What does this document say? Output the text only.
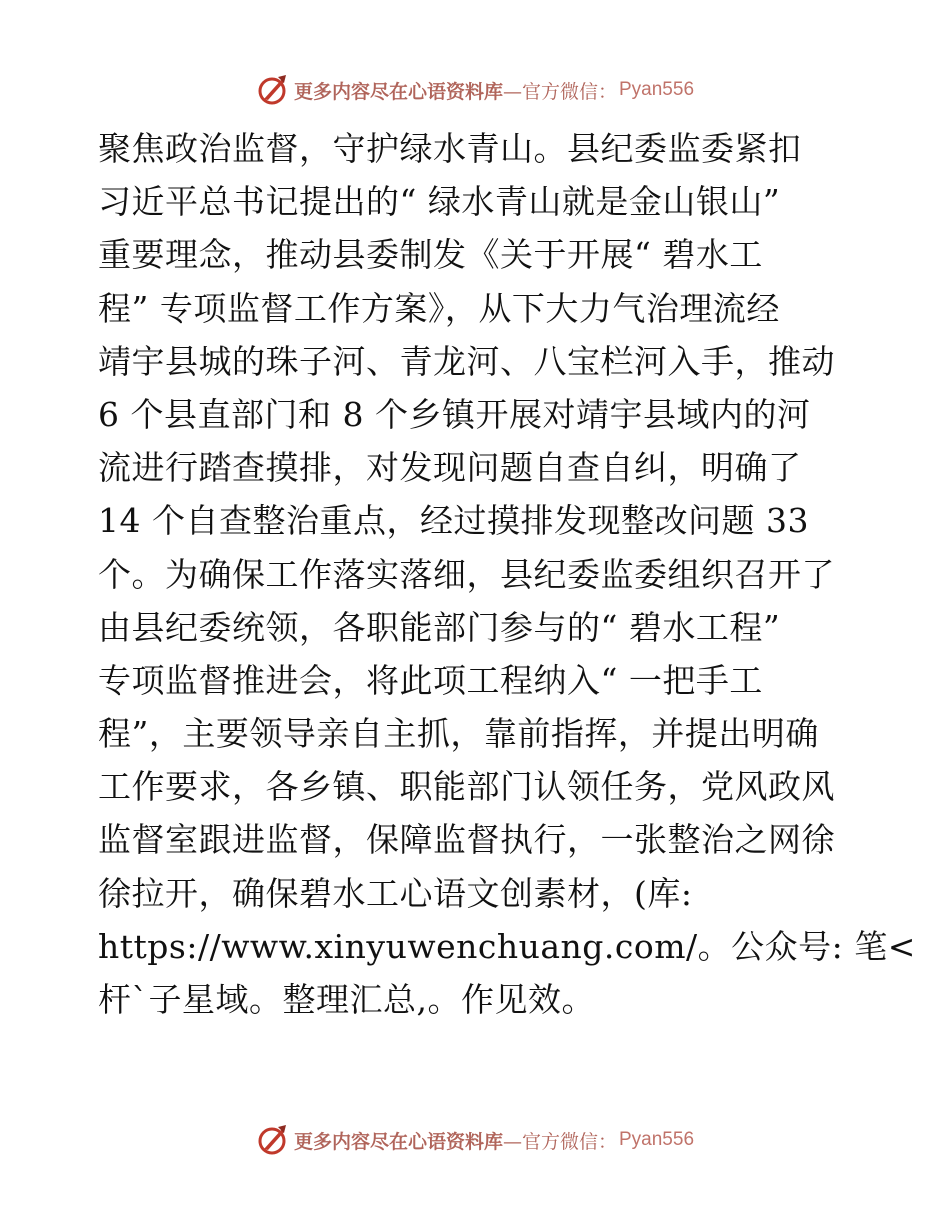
更多内容尽在心语资料库 —官方微信： Pyan556
聚焦政治监督，守护绿水青山。县纪委监委紧扣
习近平总书记提出的“ 绿水青山就是金山银山”
重要理念，推动县委制发《关于开展“ 碧水工
程” 专项监督工作方案》，从下大力气治理流经
靖宇县城的珠子河、青龙河、八宝栏河入手，推动
6 个县直部门和 8 个乡镇开展对靖宇县域内的河
流进行踏查摸排，对发现问题自查自纠，明确了
14 个自查整治重点，经过摸排发现整改问题 33
个。为确保工作落实落细，县纪委监委组织召开了
由县纪委统领，各职能部门参与的“ 碧水工程”
专项监督推进会，将此项工程纳入“ 一把手工
程”，主要领导亲自主抓，靠前指挥，并提出明确
工作要求，各乡镇、职能部门认领任务，党风政风
监督室跟进监督，保障监督执行，一张整治之网徐
徐拉开，确保碧水工心语文创素材，(库:
https://www.xinyuwenchuang.com/。公众号: 笔<
杆`子星域。整理汇总,。作见效。
更多内容尽在心语资料库 —官方微信： Pyan556
